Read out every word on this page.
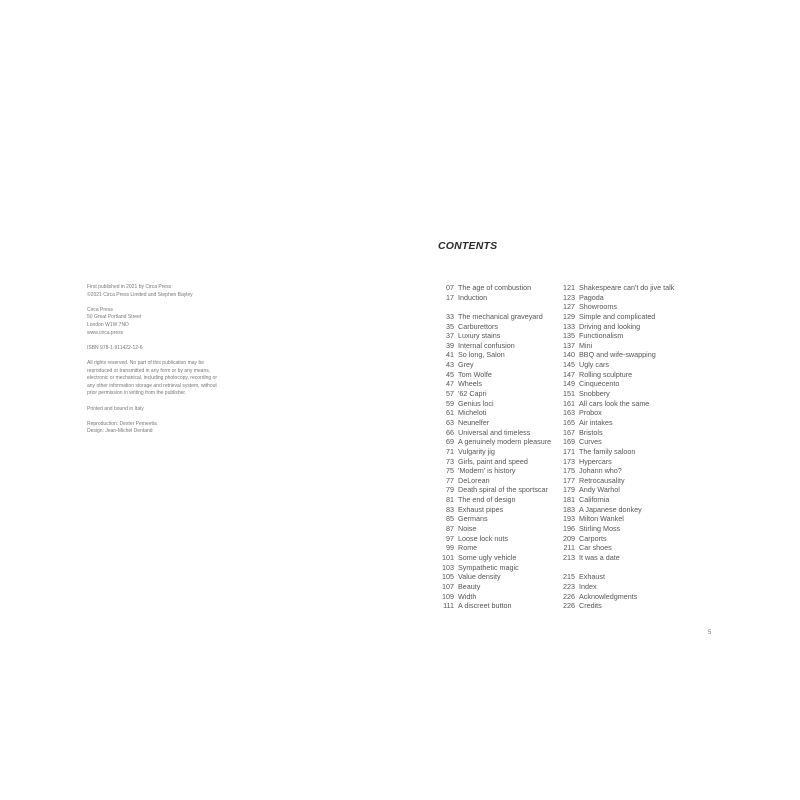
First published in 2021 by Circa Press
©2021 Circa Press Limited and Stephen Bayley
Circa Press
50 Great Portland Street
London W1W 7ND
www.circa.press
ISBN 978-1-911422-12-6
All rights reserved. No part of this publication may be
reproduced or transmitted in any form or by any means,
electronic or mechanical, including photocopy, recording or
any other information storage and retrieval system, without
prior permission in writing from the publisher.
Printed and bound in Italy
Reproduction: Dexter Pemeetia
Design: Jean-Michel Dentand
CONTENTS
07 The age of combustion
17 Induction
33 The mechanical graveyard
35 Carburettors
37 Luxury stains
39 Internal confusion
41 So long, Salon
43 Grey
45 Tom Wolfe
47 Wheels
57 '62 Capri
59 Genius loci
61 Micheloti
63 Neunelfer
66 Universal and timeless
69 A genuinely modern pleasure
71 Vulgarity jig
73 Girls, paint and speed
75 'Modern' is history
77 DeLorean
79 Death spiral of the sportscar
81 The end of design
83 Exhaust pipes
85 Germans
87 Noise
97 Loose lock nuts
99 Rome
101 Some ugly vehicle
103 Sympathetic magic
105 Value density
107 Beauty
109 Width
111 A discreet button
121 Shakespeare can't do jive talk
123 Pagoda
127 Showrooms
129 Simple and complicated
133 Driving and looking
135 Functionalism
137 Mini
140 BBQ and wife-swapping
145 Ugly cars
147 Rolling sculpture
149 Cinquecento
151 Snobbery
161 All cars look the same
163 Probox
165 Air intakes
167 Bristols
169 Curves
171 The family saloon
173 Hypercars
175 Johann who?
177 Retrocausality
179 Andy Warhol
181 California
183 A Japanese donkey
193 Milton Wankel
196 Stirling Moss
209 Carports
211 Car shoes
213 It was a date
215 Exhaust
223 Index
226 Acknowledgments
226 Credits
5
